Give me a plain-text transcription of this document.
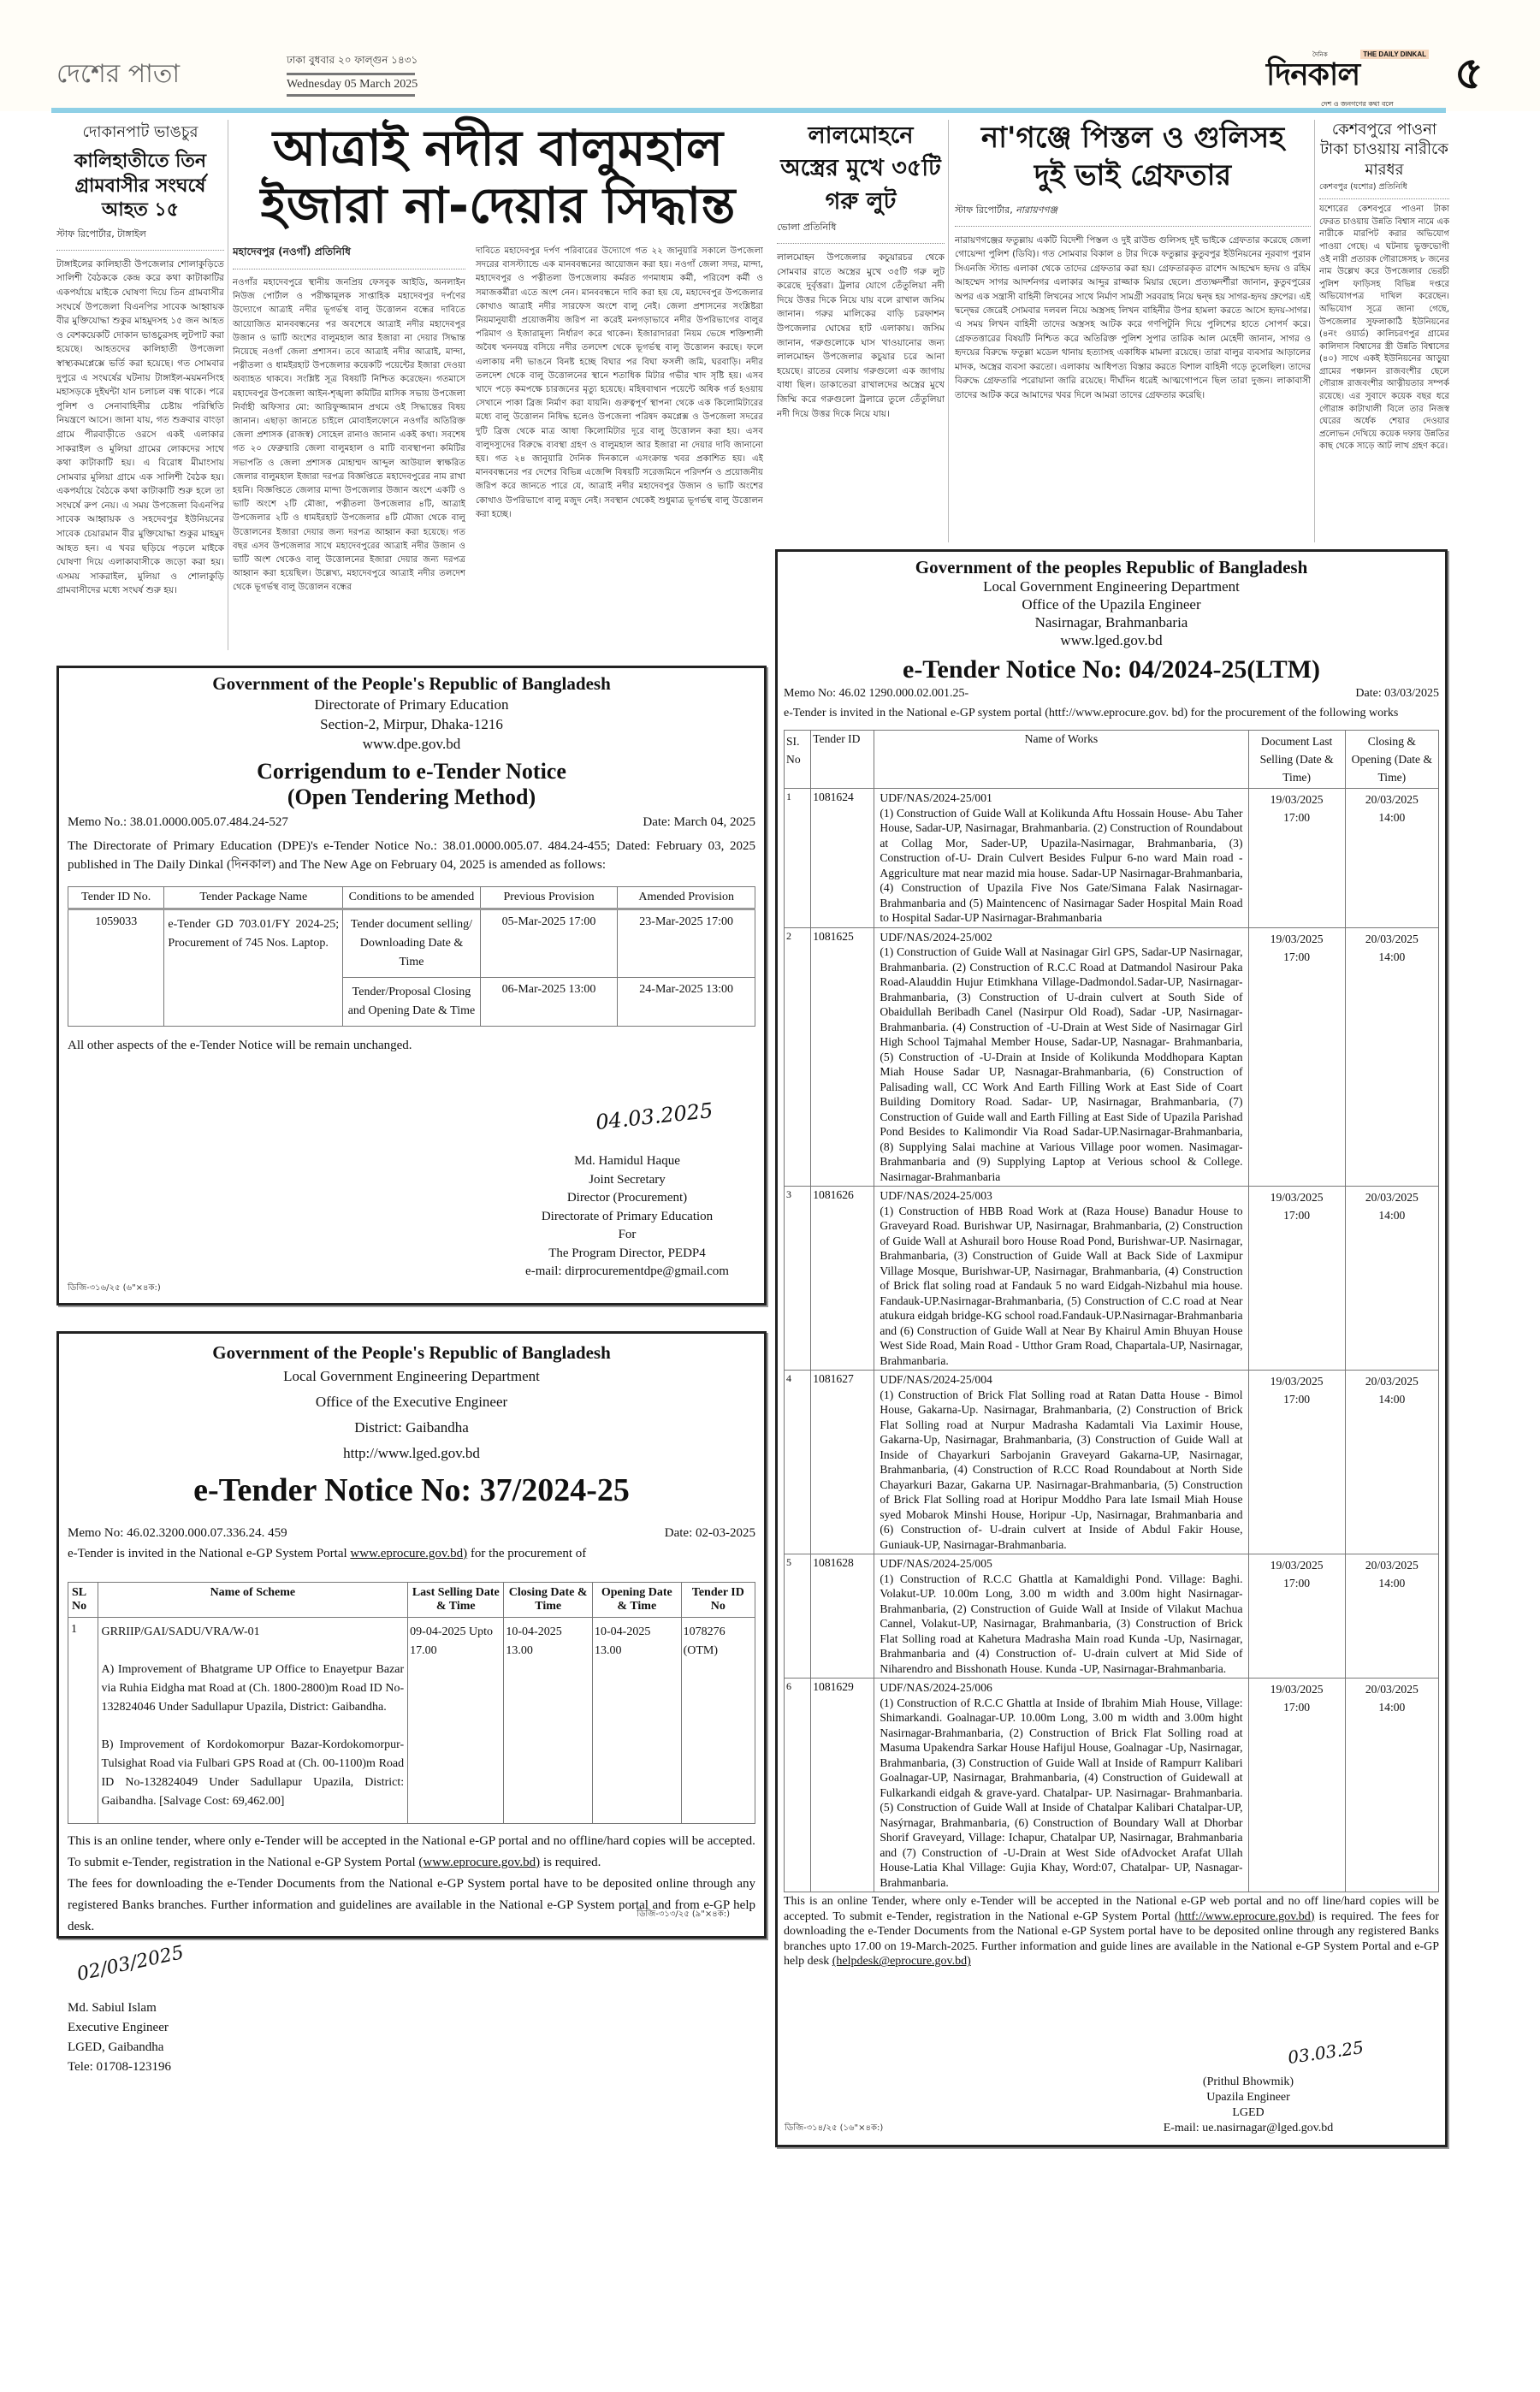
দেশের পাতা	ঢাকা বুধবার ২০ ফাল্গুন ১৪৩১
Wednesday 05 March 2025
দৈনিক	THE DAILY DINKAL
দিনকাল
দেশ ও জনগণের কথা বলে
৫
দোকানপাট ভাঙচুর
কালিহাতীতে তিন গ্রামবাসীর সংঘর্ষে আহত ১৫
স্টাফ রিপোর্টার, টাঙ্গাইল
টাঙ্গাইলের কালিহাতী উপজেলার শোলাকুড়িতে সালিশী বৈঠককে কেন্দ্র করে কথা কাটাকাটির একপর্যায়ে মাইকে ঘোষণা দিয়ে তিন গ্রামবাসীর সংঘর্ষে উপজেলা বিএনপির সাবেক আহ্বায়ক বীর মুক্তিযোদ্ধা শুকুর মাহমুদসহ ১৫ জন আহত ও বেশকয়েকটি দোকান ভাঙচুরসহ লুটপাট করা হয়েছে। আহতদের কালিহাতী উপজেলা স্বাস্থ্যকমপ্লেক্সে ভর্তি করা হয়েছে। গত সোমবার দুপুরে এ সংঘর্ষের ঘটনায় টাঙ্গাইল-ময়মনসিংহ মহাসড়কে দুইঘন্টা যান চলাচল বন্ধ থাকে। পরে পুলিশ ও সেনাবাহিনীর চেষ্টায় পরিস্থিতি নিয়ন্ত্রণে আসে। জানা যায়, গত শুক্রবার বাংড়া গ্রামে পীরবাড়ীতে ওরসে একই এলাকার সাকরাইল ও মুলিয়া গ্রামের লোকদের সাথে কথা কাটাকাটি হয়। এ বিরোধ মীমাংসায় সোমবার মুলিয়া গ্রামে এক সালিশী বৈঠক হয়। একপর্যায়ে বৈঠকে কথা কাটাকাটি শুরু হলে তা সংঘর্ষে রুপ নেয়। এ সময় উপজেলা বিএনপির সাবেক আহ্বায়ক ও সহদেবপুর ইউনিয়নের সাবেক চেয়ারমান বীর মুক্তিযোদ্ধা শুকুর মাহমুদ আহত হন। এ খবর ছড়িয়ে পড়লে মাইকে ঘোষণা দিয়ে এলাকাবাসীকে জড়ো করা হয়। এসময় সাকরাইল, মুলিয়া ও শোলাকুড়ি গ্রামবাসীদের মধ্যে সংঘর্ষ শুরু হয়।
আত্রাই নদীর বালুমহাল
ইজারা না-দেয়ার সিদ্ধান্ত
মহাদেবপুর (নওগাঁ) প্রতিনিধি
নওগাঁর মহাদেবপুরে স্থানীয় জনপ্রিয় ফেসবুক আইডি, অনলাইন নিউজ পোর্টাল ও পরীক্ষামূলক সাপ্তাহিক মহাদেবপুর দর্পণের উদ্যোগে আত্রাই নদীর ভূগর্ভস্থ বালু উত্তোলন বন্ধের দাবিতে আয়োজিত মানববন্ধনের পর অবশেষে আত্রাই নদীর মহাদেবপুর উজান ও ভাটি অংশের বালুমহাল আর ইজারা না দেয়ার সিদ্ধান্ত নিয়েছে নওগাঁ জেলা প্রশাসন। তবে আত্রাই নদীর আত্রাই, মান্দা, পত্নীতলা ও ধামইরহাট উপজেলার কয়েকটি পয়েন্টের ইজারা দেওয়া অব্যাহত থাকবে। সংশ্লিষ্ট সূত্র বিষয়টি নিশ্চিত করেছেন। গতমাসে মহাদেবপুর উপজেলা আইন-শৃঙ্খলা কমিটির মাসিক সভায় উপজেলা নির্বাহী অফিসার মো: আরিফুজ্জামান প্রথমে ওই সিদ্ধান্তের বিষয় জানান। এছাড়া জানতে চাইলে মোবাইলফোনে নওগাঁর অতিরিক্ত জেলা প্রশাসক (রাজস্ব) সোহেল রানাও জানান একই কথা। সবশেষ গত ২০ ফেব্রুয়ারি জেলা বালুমহাল ও মাটি ব্যবস্থাপনা কমিটির সভাপতি ও জেলা প্রশাসক মোহাম্মদ আব্দুল আউয়াল স্বাক্ষরিত জেলার বালুমহাল ইজারা দরপত্র বিজ্ঞপ্তিতে মহাদেবপুরের নাম রাখা হয়নি। বিজ্ঞপ্তিতে জেলার মান্দা উপজেলার উজান অংশে একটি ও ভাটি অংশে ২টি মৌজা, পত্নীতলা উপজেলার ৪টি, আত্রাই উপজেলার ২টি ও ধামইরহাট উপজেলার ৪টি মৌজা থেকে বালু উত্তোলনের ইজারা দেয়ার জন্য দরপত্র আহ্বান করা হয়েছে। গত বছর এসব উপজেলার সাথে মহাদেবপুরের আত্রাই নদীর উজান ও ভাটি অংশ থেকেও বালু উত্তোলনের ইজারা দেয়ার জন্য দরপত্র আহ্বান করা হয়েছিল। উল্লেখ্য, মহাদেবপুরে আত্রাই নদীর তলদেশ থেকে ভূগর্ভস্থ বালু উত্তোলন বন্ধের
দাবিতে মহাদেবপুর দর্পণ পরিবারের উদ্যোগে গত ২২ জানুয়ারি সকালে উপজেলা সদরের বাসস্ট্যান্ডে এক মানববন্ধনের আয়োজন করা হয়। নওগাঁ জেলা সদর, মান্দা, মহাদেবপুর ও পত্নীতলা উপজেলায় কর্মরত গণমাধ্যম কর্মী, পরিবেশ কর্মী ও সমাজকর্মীরা এতে অংশ নেন। মানববন্ধনে দাবি করা হয় যে, মহাদেবপুর উপজেলার কোথাও আত্রাই নদীর সারফেস অংশে বালু নেই। জেলা প্রশাসনের সংশ্লিষ্টরা নিয়মানুযায়ী প্রয়োজনীয় জরিপ না করেই মনগড়াভাবে নদীর উপরিভাগের বালুর পরিমাণ ও ইজারামূল্য নির্ধারণ করে থাকেন। ইজারাদাররা নিয়ম ভেঙ্গে শক্তিশালী অবৈধ খননযন্ত্র বসিয়ে নদীর তলদেশ থেকে ভূগর্ভস্থ বালু উত্তোলন করছে। ফলে এলাকায় নদী ভাঙনে বিনষ্ট হচ্ছে বিঘার পর বিঘা ফসলী জমি, ঘরবাড়ি। নদীর তলদেশ থেকে বালু উত্তোলনের স্থানে শতাধিক মিটার গভীর খাদ সৃষ্টি হয়। এসব খাদে পড়ে কমপক্ষে চারজনের মৃত্যু হয়েছে। মহিষবাথান পয়েন্টে অধিক গর্ত হওয়ায় সেখানে পাকা ব্রিজ নির্মাণ করা যায়নি। গুরুত্বপূর্ণ স্থাপনা থেকে এক কিলোমিটারের মধ্যে বালু উত্তোলন নিষিদ্ধ হলেও উপজেলা পরিষদ কমপ্লেক্স ও উপজেলা সদরের দুটি ব্রিজ থেকে মাত্র আধা কিলোমিটার দূরে বালু উত্তোলন করা হয়। এসব বালুদস্যুদের বিরুদ্ধে ব্যবস্থা গ্রহণ ও বালুমহাল আর ইজারা না দেয়ার দাবি জানানো হয়। গত ২৪ জানুয়ারি দৈনিক দিনকালে এসংক্রান্ত খবর প্রকাশিত হয়। এই মানববন্ধনের পর দেশের বিভিন্ন এজেন্সি বিষয়টি সরেজমিনে পরিদর্শন ও প্রয়োজনীয় জরিপ করে জানতে পারে যে, আত্রাই নদীর মহাদেবপুর উজান ও ভাটি অংশের কোথাও উপরিভাগে বালু মজুদ নেই। সবস্থান থেকেই শুধুমাত্র ভূগর্ভস্থ বালু উত্তোলন করা হচ্ছে।
লালমোহনে অস্ত্রের মুখে ৩৫টি গরু লুট
ভোলা প্রতিনিধি
লালমোহন উপজেলার কচুয়ারচর থেকে সোমবার রাতে অস্ত্রের মুখে ৩৫টি গরু লুট করেছে দুর্বৃত্তরা। ট্রলার যোগে তেঁতুলিয়া নদী দিয়ে উত্তর দিকে নিয়ে যায় বলে রাখাল জসিম জানান। গরুর মালিকের বাড়ি চরফাশন উপজেলার ঘোষের হাট এলাকায়। জসিম জানান, গরুগুলোকে ঘাস খাওয়ানোর জন্য লালমোহন উপজেলার কচুয়ার চরে আনা হয়েছে। রাতের বেলায় গরুগুলো এক জাগায় বাধা ছিল। ডাকাতেরা রাখালদের অস্ত্রের মুখে জিম্মি করে গরুগুলো ট্রলারে তুলে তেঁতুলিয়া নদী দিয়ে উত্তর দিকে নিয়ে যায়।
না'গঞ্জে পিস্তল ও গুলিসহ
দুই ভাই গ্রেফতার
স্টাফ রিপোর্টার, নারায়ণগঞ্জ
নারায়ণগঞ্জের ফতুল্লায় একটি বিদেশী পিস্তল ও দুই রাউন্ড গুলিসহ দুই ভাইকে গ্রেফতার করেছে জেলা গোয়েন্দা পুলিশ (ডিবি)। গত সোমবার বিকাল ৪ টার দিকে ফতুল্লার কুতুবপুর ইউনিয়নের নূরবাগ পুরান সিএনজি স্ট্যান্ড এলাকা থেকে তাদের গ্রেফতার করা হয়। গ্রেফতারকৃত রাশেদ আহম্মেদ হৃদয় ও রহিম আহম্মেদ সাগর আদর্শনগর এলাকার আব্দুর রাজ্জাক মিয়ার ছেলে। প্রত্যক্ষদর্শীরা জানান, কুতুবপুরের অপর এক সন্ত্রাসী বাহিনী লিখনের সাথে নির্মাণ সামগ্রী সরবরাহ নিয়ে দ্বন্দ্ব হয় সাগর-হৃদয় গ্রুপের। এই দ্বন্দ্বের জেরেই সোমবার দলবল নিয়ে অস্ত্রসহ লিখন বাহিনীর উপর হামলা করতে আসে হৃদয়-সাগর। এ সময় লিখন বাহিনী তাদের অস্ত্রসহ আটক করে গণপিটুনি দিয়ে পুলিশের হাতে সোপর্দ করে। গ্রেফতত্তারের বিষয়টি নিশ্চিত করে অতিরিক্ত পুলিশ সুপার তারিক আল মেহেদী জানান, সাগর ও হৃদয়ের বিরুদ্ধে ফতুল্লা মডেল থানায় হত্যাসহ একাধিক মামলা রয়েছে। তারা বালুর ব্যবসার আড়ালের মাদক, অস্ত্রের ব্যবসা করতো। এলাকায় আধিপত্য বিস্তার করতে বিশাল বাহিনী গড়ে তুলেছিল। তাদের বিরুদ্ধে গ্রেফতারি পরোয়ানা জারি রয়েছে। দীর্ঘদিন ধরেই আত্মগোপনে ছিল তারা দুজন। লাকাবাসী তাদের আটক করে আমাদের খবর দিলে আমরা তাদের গ্রেফতার করেছি।
কেশবপুরে পাওনা টাকা চাওয়ায় নারীকে মারধর
কেশবপুর (যশোর) প্রতিনিধি
যশোরের কেশবপুরে পাওনা টাকা ফেরত চাওয়ায় উন্নতি বিশ্বাস নামে এক নারীকে মারপিট করার অভিযোগ পাওয়া গেছে। এ ঘটনায় ভুক্তভোগী ওই নারী প্রতারক গৌরাঙ্গেসহ ৮ জনের নাম উল্লেখ করে উপজেলার ভেরচী পুলিশ ফাড়িসহ বিভিন্ন দপ্তরে অভিযোগপত্র দাখিল করেছেন। অভিযোগ সূত্রে জানা গেছে, উপজেলার সুফলাকাঠি ইউনিয়নের (৪নং ওয়ার্ড) কালিচরণপুর গ্রামের কালিদাস বিশ্বাসের স্ত্রী উন্নতি বিশ্বাসের (৪০) সাথে একই ইউনিয়নের আড়ুয়া গ্রামের পঞ্চানন রাজবংশীর ছেলে গৌরাঙ্গ রাজবংশীর আত্নীয়তার সম্পর্ক রয়েছে। এর সুবাদে কয়েক বছর ধরে গৌরাঙ্গ কাটাখালী বিলে তার নিজস্ব ঘেরের অর্ধেক শেয়ার দেওয়ার প্রলোভন দেখিয়ে কয়েক দফায় উন্নতির কাছ থেকে সাড়ে আট লাখ গ্রহণ করে।
Government of the People's Republic of Bangladesh
Directorate of Primary Education
Section-2, Mirpur, Dhaka-1216
www.dpe.gov.bd
Corrigendum to e-Tender Notice
(Open Tendering Method)
Memo No.: 38.01.0000.005.07.484.24-527	Date: March 04, 2025
The Directorate of Primary Education (DPE)'s e-Tender Notice No.: 38.01.0000.005.07. 484.24-455; Dated: February 03, 2025 published in The Daily Dinkal (দিনকাল) and The New Age on February 04, 2025 is amended as follows:
Tender ID No.	Tender Package Name	Conditions to be amended	Previous Provision	Amended Provision
1059033	e-Tender GD 703.01/FY 2024-25; Procurement of 745 Nos. Laptop.	Tender document selling/ Downloading Date & Time	05-Mar-2025 17:00	23-Mar-2025 17:00
		Tender/Proposal Closing and Opening Date & Time	06-Mar-2025 13:00	24-Mar-2025 13:00
All other aspects of the e-Tender Notice will be remain unchanged.
04.03.2025
Md. Hamidul Haque
Joint Secretary
Director (Procurement)
Directorate of Primary Education
For
The Program Director, PEDP4
e-mail: dirprocurementdpe@gmail.com
ডিজি-৩১৬/২৫ (৬"×৪ক:)
Government of the People's Republic of Bangladesh
Local Government Engineering Department
Office of the Executive Engineer
District: Gaibandha
http://www.lged.gov.bd
e-Tender Notice No: 37/2024-25
Memo No: 46.02.3200.000.07.336.24. 459	Date: 02-03-2025
e-Tender is invited in the National e-GP System Portal www.eprocure.gov.bd) for the procurement of
SL No	Name of Scheme	Last Selling Date & Time	Closing Date & Time	Opening Date & Time	Tender ID No
1	GRRIIP/GAI/SADU/VRA/W-01
A) Improvement of Bhatgrame UP Office to Enayetpur Bazar via Ruhia Eidgha mat Road at (Ch. 1800-2800)m Road ID No-132824046 Under Sadullapur Upazila, District: Gaibandha.
B) Improvement of Kordokomorpur Bazar-Kordokomorpur-Tulsighat Road via Fulbari GPS Road at (Ch. 00-1100)m Road ID No-132824049 Under Sadullapur Upazila, District: Gaibandha. [Salvage Cost: 69,462.00]	09-04-2025 Upto 17.00	10-04-2025 13.00	10-04-2025 13.00	1078276 (OTM)
This is an online tender, where only e-Tender will be accepted in the National e-GP portal and no offline/hard copies will be accepted.
To submit e-Tender, registration in the National e-GP System Portal (www.eprocure.gov.bd) is required.
The fees for downloading the e-Tender Documents from the National e-GP System portal have to be deposited online through any registered Banks branches. Further information and guidelines are available in the National e-GP System portal and from e-GP help desk.
02/03/2025
Md. Sabiul Islam
Executive Engineer
LGED, Gaibandha
Tele: 01708-123196
ডিজি-৩১৩/২৫ (৯"×৪ক:)
Government of the peoples Republic of Bangladesh
Local Government Engineering Department
Office of the Upazila Engineer
Nasirnagar, Brahmanbaria
www.lged.gov.bd
e-Tender Notice No: 04/2024-25(LTM)
Memo No: 46.02 1290.000.02.001.25-	Date: 03/03/2025
e-Tender is invited in the National e-GP system portal (httf://www.eprocure.gov. bd) for the procurement of the following works
SI. No	Tender ID	Name of Works	Document Last Selling (Date & Time)	Closing & Opening (Date & Time)
1	1081624	UDF/NAS/2024-25/001
(1) Construction of Guide Wall at Kolikunda Aftu Hossain House- Abu Taher House, Sadar-UP, Nasirnagar, Brahmanbaria. (2) Construction of Roundabout at Collag Mor, Sader-UP, Upazila-Nasirnagar, Brahmanbaria, (3) Construction of-U- Drain Culvert Besides Fulpur 6-no ward Main road - Aggriculture mat near mazid mia house. Sadar-UP Nasirnagar-Brahmanbaria, (4) Construction of Upazila Five Nos Gate/Simana Falak Nasirnagar-Brahmanbaria and (5) Maintencenc of Nasirnagar Sader Hospital Main Road to Hospital Sadar-UP Nasirnagar-Brahmanbaria	19/03/2025 17:00	20/03/2025 14:00
2	1081625	UDF/NAS/2024-25/002
(1) Construction of Guide Wall at Nasinagar Girl GPS, Sadar-UP Nasirnagar, Brahmanbaria. (2) Construction of R.C.C Road at Datmandol Nasirour Paka Road-Alauddin Hujur Etimkhana Village-Dadmondol.Sadar-UP, Nasirnagar-Brahmanbaria, (3) Construction of U-drain culvert at South Side of Obaidullah Beribadh Canel (Nasirpur Old Road), Sadar -UP, Nasirnagar-Brahmanbaria. (4) Construction of -U-Drain at West Side of Nasirnagar Girl High School Tajmahal Member House, Sadar-UP, Nasnagar- Brahmanbaria, (5) Construction of -U-Drain at Inside of Kolikunda Moddhopara Kaptan Miah House Sadar UP, Nasnagar-Brahmanbaria, (6) Construction of Palisading wall, CC Work And Earth Filling Work at East Side of Coart Building Domitory Road. Sadar- UP, Nasirnagar, Brahmanbaria, (7) Construction of Guide wall and Earth Filling at East Side of Upazila Parishad Pond Besides to Kalimondir Via Road Sadar-UP.Nasirnagar-Brahmanbaria, (8) Supplying Salai machine at Various Village poor women. Nasimagar-Brahmanbaria and (9) Supplying Laptop at Verious school & College. Nasirnagar-Brahmanbaria	19/03/2025 17:00	20/03/2025 14:00
3	1081626	UDF/NAS/2024-25/003
(1) Construction of HBB Road Work at (Raza House) Banadur House to Graveyard Road. Burishwar UP, Nasirnagar, Brahmanbaria, (2) Construction of Guide Wall at Ashurail boro House Road Pond, Burishwar-UP. Nasirnagar, Brahmanbaria, (3) Construction of Guide Wall at Back Side of Laxmipur Village Mosque, Burishwar-UP, Nasirnagar, Brahmanbaria, (4) Construction of Brick flat soling road at Fandauk 5 no ward Eidgah-Nizbahul mia house. Fandauk-UP.Nasirnagar-Brahmanbaria, (5) Construction of C.C road at Near atukura eidgah bridge-KG school road.Fandauk-UP.Nasirnagar-Brahmanbaria and (6) Construction of Guide Wall at Near By Khairul Amin Bhuyan House West Side Road, Main Road - Utthor Gram Road, Chapartala-UP, Nasirnagar, Brahmanbaria.	19/03/2025 17:00	20/03/2025 14:00
4	1081627	UDF/NAS/2024-25/004
(1) Construction of Brick Flat Solling road at Ratan Datta House - Bimol House, Gakarna-Up. Nasirnagar, Brahmanbaria, (2) Construction of Brick Flat Solling road at Nurpur Madrasha Kadamtali Via Laximir House, Gakarna-Up, Nasirnagar, Brahmanbaria, (3) Construction of Guide Wall at Inside of Chayarkuri Sarbojanin Graveyard Gakarna-UP, Nasirnagar, Brahmanbaria, (4) Construction of R.CC Road Roundabout at North Side Chayarkuri Bazar, Gakarna UP. Nasirnagar-Brahmanbaria, (5) Construction of Brick Flat Solling road at Horipur Moddho Para late Ismail Miah House syed Mobarok Minshi House, Horipur -Up, Nasirnagar, Brahmanbaria and (6) Construction of- U-drain culvert at Inside of Abdul Fakir House, Guniauk-UP, Nasirnagar-Brahmanbaria.	19/03/2025 17:00	20/03/2025 14:00
5	1081628	UDF/NAS/2024-25/005
(1) Construction of R.C.C Ghattla at Kamaldighi Pond. Village: Baghi. Volakut-UP. 10.00m Long, 3.00 m width and 3.00m hight Nasirnagar-Brahmanbaria, (2) Construction of Guide Wall at Inside of Vilakut Machua Cannel, Volakut-UP, Nasirnagar, Brahmanbaria, (3) Construction of Brick Flat Solling road at Kahetura Madrasha Main road Kunda -Up, Nasirnagar, Brahmanbaria and (4) Construction of- U-drain culvert at Mid Side of Niharendro and Bisshonath House. Kunda -UP, Nasirnagar-Brahmanbaria.	19/03/2025 17:00	20/03/2025 14:00
6	1081629	UDF/NAS/2024-25/006
(1) Construction of R.C.C Ghattla at Inside of Ibrahim Miah House, Village: Shimarkandi. Goalnagar-UP. 10.00m Long, 3.00 m width and 3.00m hight Nasirnagar-Brahmanbaria, (2) Construction of Brick Flat Solling road at Masuma Upakendra Sarkar House Hafijul House, Goalnagar -Up, Nasirnagar, Brahmanbaria, (3) Construction of Guide Wall at Inside of Rampurr Kalibari Goalnagar-UP, Nasirnagar, Brahmanbaria, (4) Construction of Guidewall at Fulkarkandi eidgah & grave-yard. Chatalpar- UP. Nasirnagar- Brahmanbaria. (5) Construction of Guide Wall at Inside of Chatalpar Kalibari Chatalpar-UP, Nasýrnagar, Brahmanbaria, (6) Construction of Boundary Wall at Dhorbar Shorif Graveyard, Village: Ichapur, Chatalpar UP, Nasirnagar, Brahmanbaria and (7) Construction of -U-Drain at West Side ofAdvocket Arafat Ullah House-Latia Khal Village: Gujia Khay, Word:07, Chatalpar- UP, Nasnagar-Brahmanbaria.	19/03/2025 17:00	20/03/2025 14:00
This is an online Tender, where only e-Tender will be accepted in the National e-GP web portal and no off line/hard copies will be accepted. To submit e-Tender, registration in the National e-GP System Portal (httf://www.eprocure.gov.bd) is required. The fees for downloading the e-Tender Documents from the National e-GP System portal have to be deposited online through any registered Banks branches upto 17.00 on 19-March-2025. Further information and guide lines are available in the National e-GP System Portal and e-GP help desk (helpdesk@eprocure.gov.bd)
03.03.25
(Prithul Bhowmik)
Upazila Engineer
LGED
E-mail: ue.nasirnagar@lged.gov.bd
ডিজি-৩১৪/২৫ (১৬"×৪ক:)
